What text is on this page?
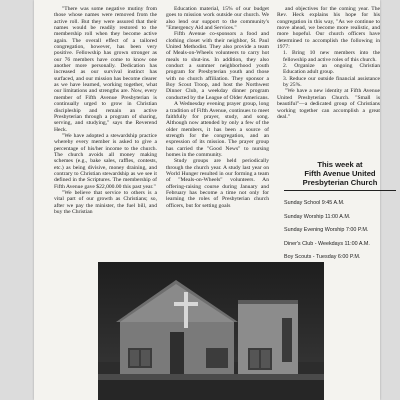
"There was some negative mutiny from those whose names were removed from the active roll. But they were assured that their names would be readily restored to the membership roll when they become active again. The overall effect of a tailored congregation, however, has been very positive. Fellowship has grown stronger as our 76 members have come to know one another more personally. Dedication has increased as our survival instinct has surfaced, and our mission has become clearer as we have learned, working together, what our limitations and strengths are. Now, every member of Fifth Avenue Presbyterian is continually urged to grow in Christian discipleship and remain an active Presbyterian through a program of sharing, serving, and studying," says the Reverend Heck.

"We have adopted a stewardship practice whereby every member is asked to give a percentage of his/her income to the church. The church avoids all money making schemes (e.g., bake sales, raffles, contests, etc.) as being divisive, money draining, and contrary to Christian stewardship as we see it defined in the Scriptures. The membership of Fifth Avenue gave $22,000.00 this past year."

"We believe that service to others is a vital part of our growth as Christians; so, after we pay the minister, the fuel bill, and buy the Christian

Education material, 15% of our budget goes to mission work outside our church. We also lend our support to the community's "Emergency Aid and Services."

Fifth Avenue co-sponsors a food and clothing closet with their neighbor, St. Paul United Methodist. They also provide a team of Meals-on-Wheels volunteers to carry hot meals to shut-ins. In addition, they also conduct a summer neighborhood youth program for Presbyterian youth and those with no church affiliation. They sponsor a Boy Scout Troop, and host the Northwest Dinner Club, a weekday dinner program conducted by the League of Older Americans.

A Wednesday evening prayer group, long a tradition of Fifth Avenue, continues to meet faithfully for prayer, study, and song. Although now attended by only a few of the older members, it has been a source of strength for the congregation, and an expression of its mission. The prayer group has carried the "Good News" to nursing homes in the community.

Study groups are held periodically through the church year. A study last year on World Hunger resulted in our forming a team of "Meals-on-Wheels" volunteers. An offering-raising course during January and February has become a time not only for learning the roles of Presbyterian church officers, but for setting goals

and objectives for the coming year. The Rev. Heck explains his hope for his congregation in this way, "As we continue to move ahead, we become more realistic, and more hopeful. Our church officers have determined to accomplish the following in 1977:

1. Bring 10 new members into the fellowship and active roles of this church.

2. Organize an ongoing Christian Education adult group.

3. Reduce our outside financial assistance by 25%.

"We have a new identity at Fifth Avenue United Presbyterian Church. "Small is beautiful"—a dedicated group of Christians working together can accomplish a great deal."

This week at
Fifth Avenue United
Presbyterian Church
Sunday School 9:45 A.M.
Sunday Worship 11:00 A.M.
Sunday Evening Worship 7:00 P.M.
Diner's Club - Weekdays 11:00 A.M.
Boy Scouts - Tuesday 6:00 P.M.
